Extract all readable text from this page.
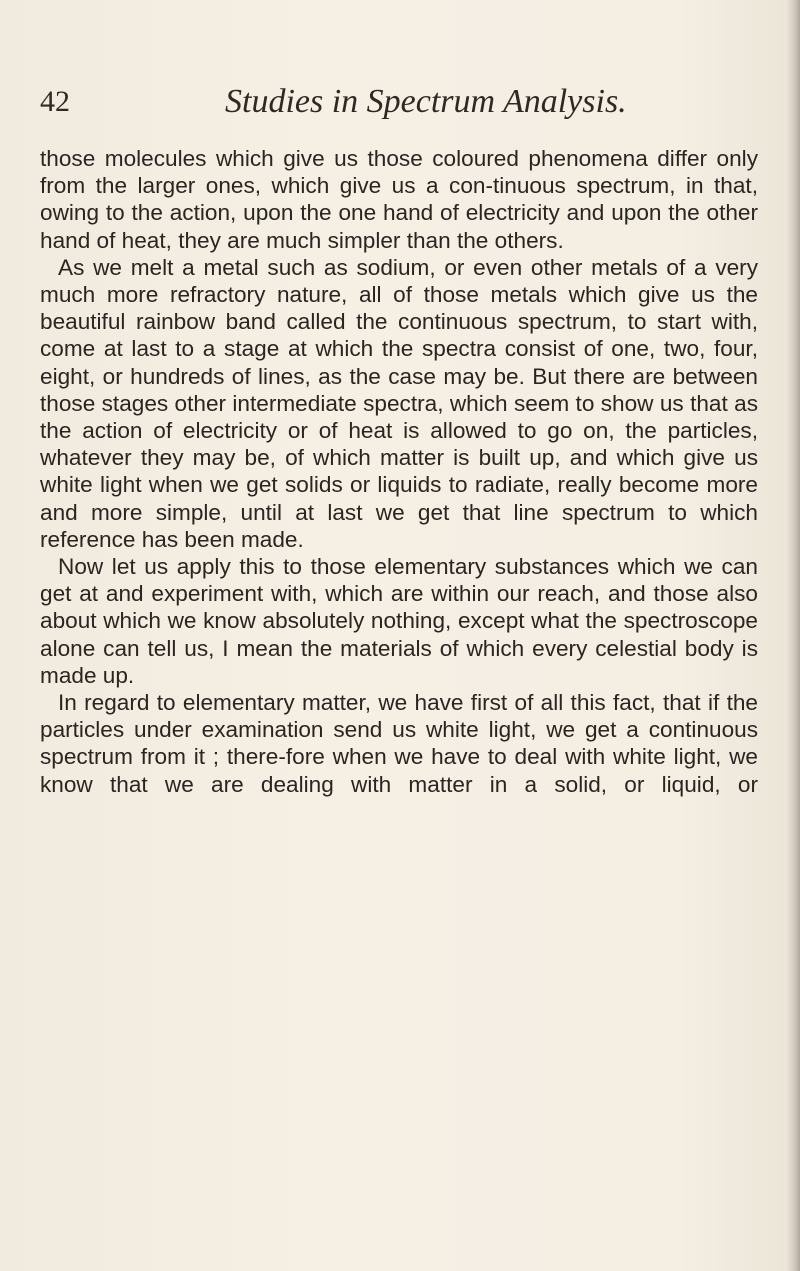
42	Studies in Spectrum Analysis.

those molecules which give us those coloured phenomena differ only from the larger ones, which give us a con-tinuous spectrum, in that, owing to the action, upon the one hand of electricity and upon the other hand of heat, they are much simpler than the others.

As we melt a metal such as sodium, or even other metals of a very much more refractory nature, all of those metals which give us the beautiful rainbow band called the continuous spectrum, to start with, come at last to a stage at which the spectra consist of one, two, four, eight, or hundreds of lines, as the case may be. But there are between those stages other intermediate spectra, which seem to show us that as the action of electricity or of heat is allowed to go on, the particles, whatever they may be, of which matter is built up, and which give us white light when we get solids or liquids to radiate, really become more and more simple, until at last we get that line spectrum to which reference has been made.

Now let us apply this to those elementary substances which we can get at and experiment with, which are within our reach, and those also about which we know absolutely nothing, except what the spectroscope alone can tell us, I mean the materials of which every celestial body is made up.

In regard to elementary matter, we have first of all this fact, that if the particles under examination send us white light, we get a continuous spectrum from it ; there-fore when we have to deal with white light, we know that we are dealing with matter in a solid, or liquid, or
